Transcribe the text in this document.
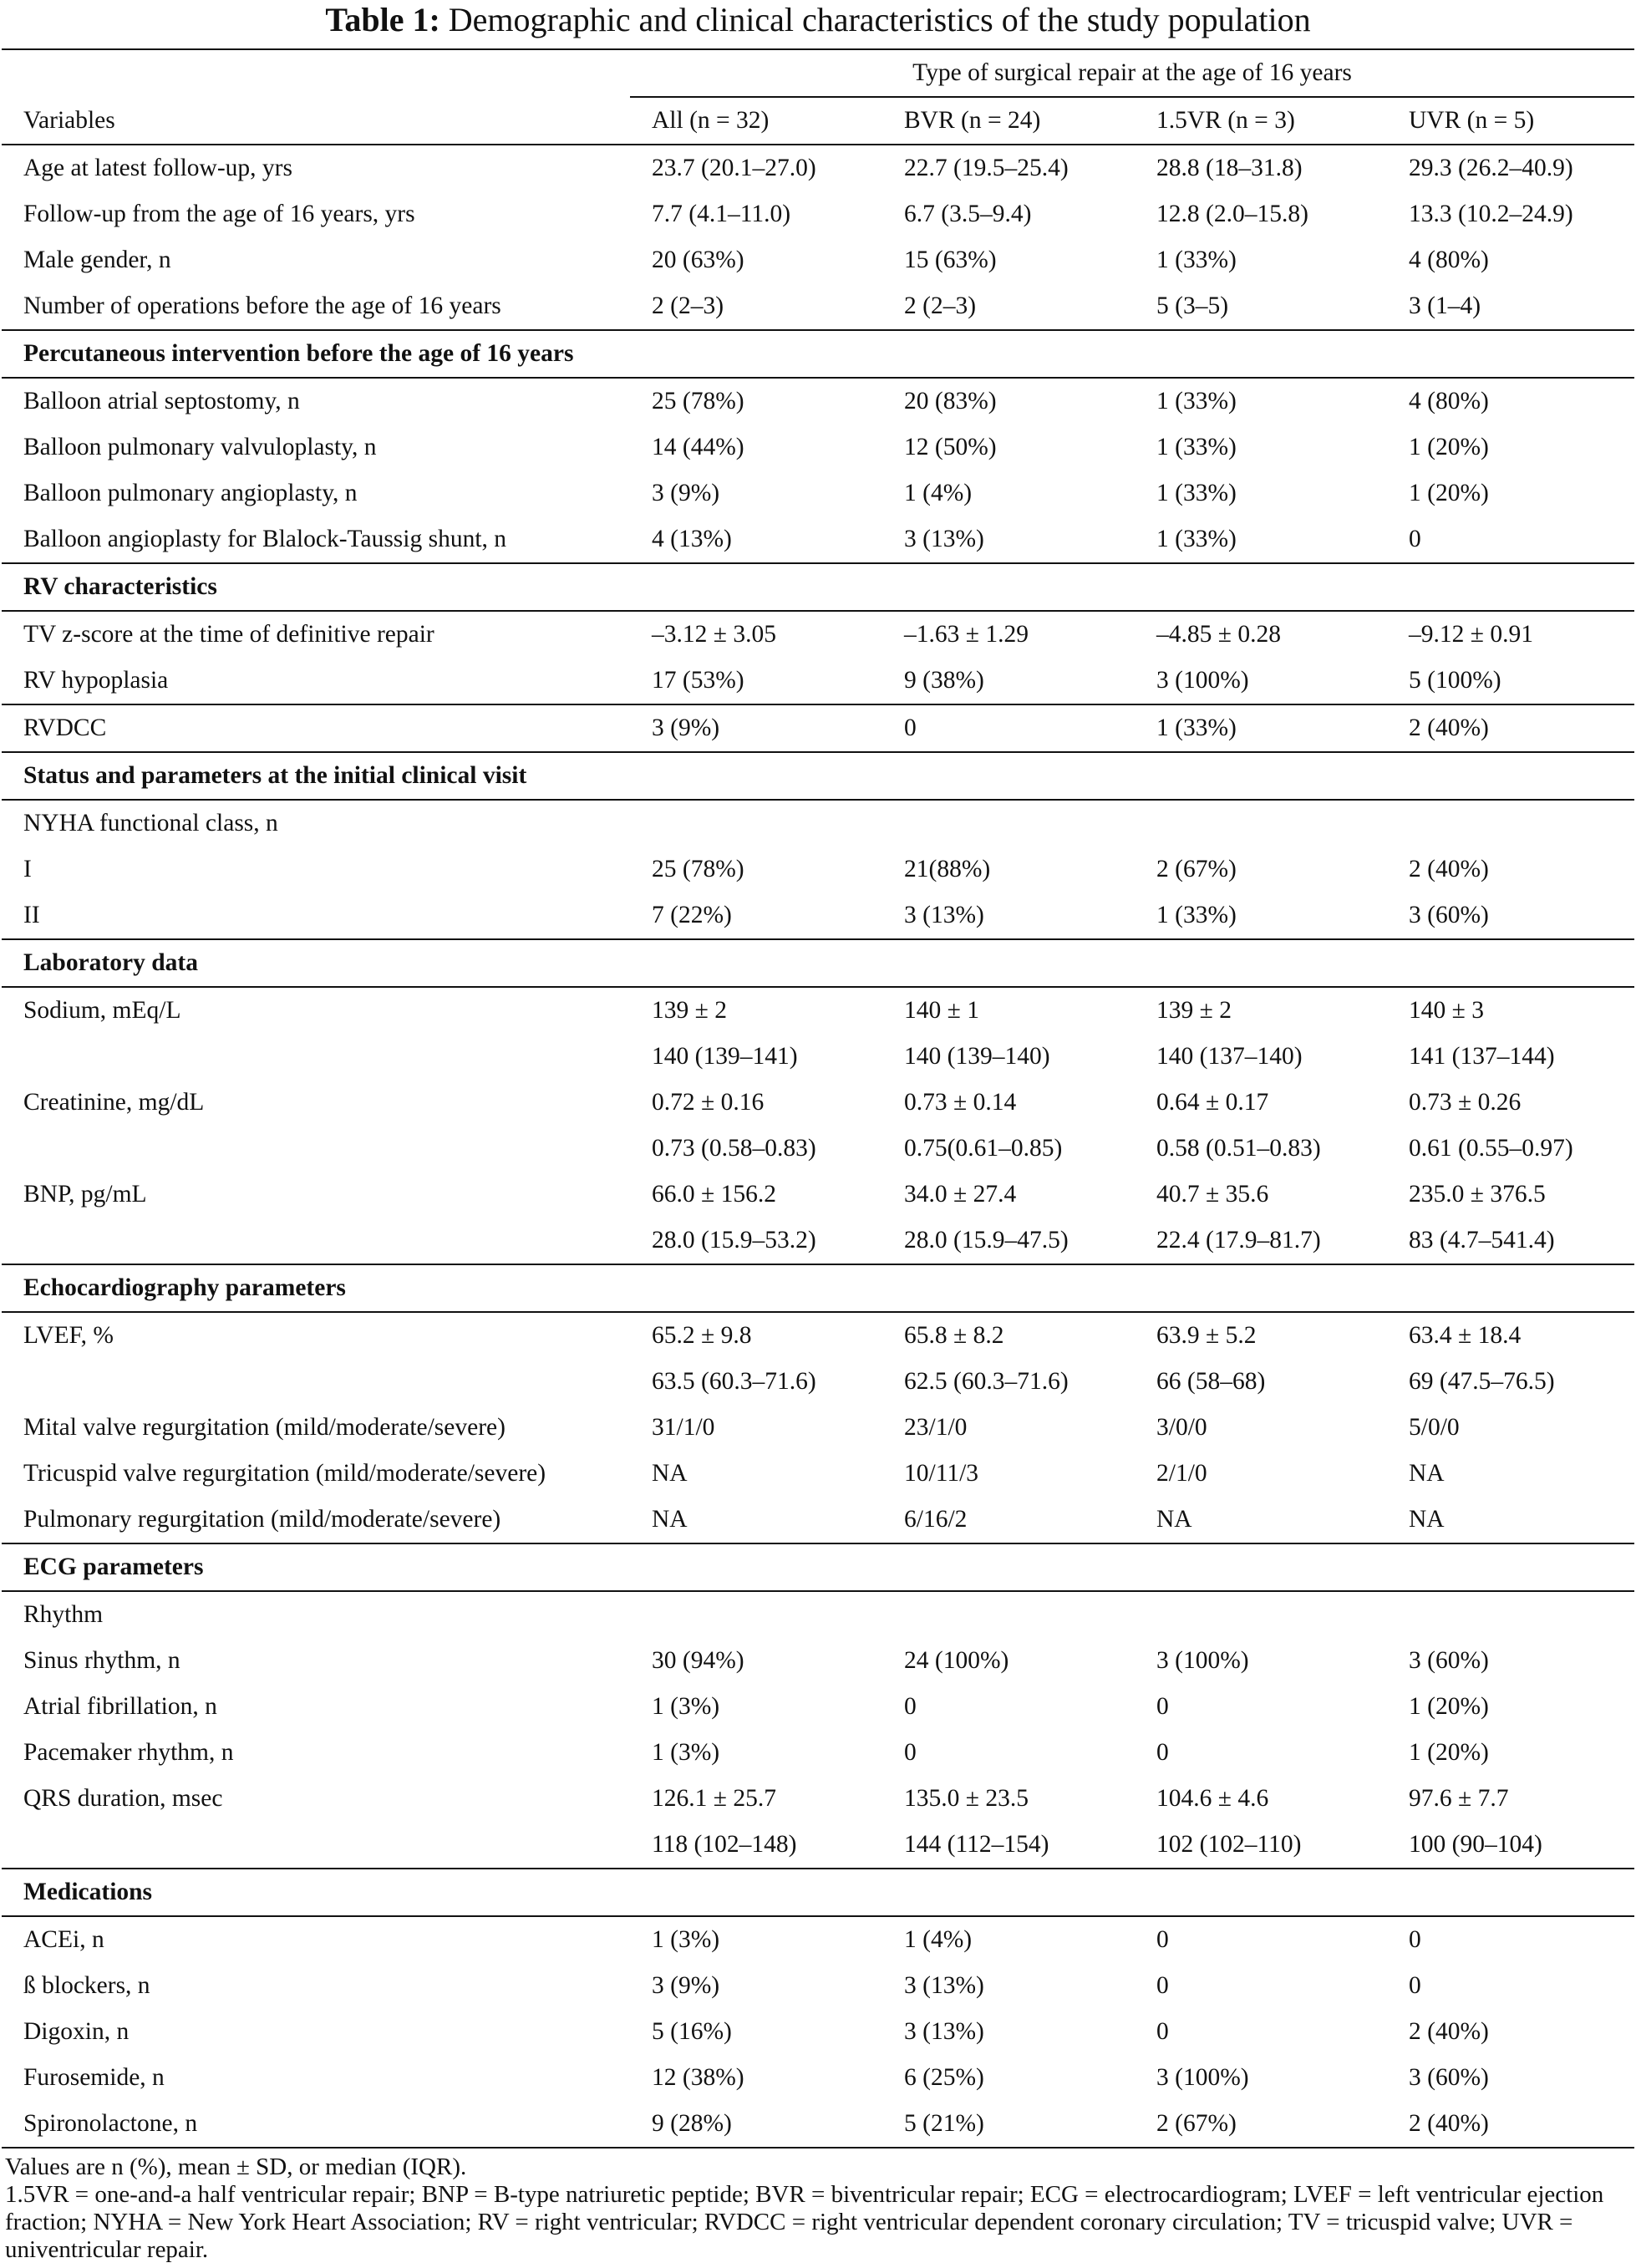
Table 1: Demographic and clinical characteristics of the study population
	Type of surgical repair at the age of 16 years			
Variables	All (n = 32)	BVR (n = 24)	1.5VR (n = 3)	UVR (n = 5)
Age at latest follow-up, yrs	23.7 (20.1–27.0)	22.7 (19.5–25.4)	28.8 (18–31.8)	29.3 (26.2–40.9)
Follow-up from the age of 16 years, yrs	7.7 (4.1–11.0)	6.7 (3.5–9.4)	12.8 (2.0–15.8)	13.3 (10.2–24.9)
Male gender, n	20 (63%)	15 (63%)	1 (33%)	4 (80%)
Number of operations before the age of 16 years	2 (2–3)	2 (2–3)	5 (3–5)	3 (1–4)
Percutaneous intervention before the age of 16 years				
Balloon atrial septostomy, n	25 (78%)	20 (83%)	1 (33%)	4 (80%)
Balloon pulmonary valvuloplasty, n	14 (44%)	12 (50%)	1 (33%)	1 (20%)
Balloon pulmonary angioplasty, n	3 (9%)	1 (4%)	1 (33%)	1 (20%)
Balloon angioplasty for Blalock-Taussig shunt, n	4 (13%)	3 (13%)	1 (33%)	0
RV characteristics				
TV z-score at the time of definitive repair	–3.12 ± 3.05	–1.63 ± 1.29	–4.85 ± 0.28	–9.12 ± 0.91
RV hypoplasia	17 (53%)	9 (38%)	3 (100%)	5 (100%)
RVDCC	3 (9%)	0	1 (33%)	2 (40%)
Status and parameters at the initial clinical visit				
NYHA functional class, n				
I	25 (78%)	21(88%)	2 (67%)	2 (40%)
II	7 (22%)	3 (13%)	1 (33%)	3 (60%)
Laboratory data				
Sodium, mEq/L	139 ± 2	140 ± 1	139 ± 2	140 ± 3
	140 (139–141)	140 (139–140)	140 (137–140)	141 (137–144)
Creatinine, mg/dL	0.72 ± 0.16	0.73 ± 0.14	0.64 ± 0.17	0.73 ± 0.26
	0.73 (0.58–0.83)	0.75(0.61–0.85)	0.58 (0.51–0.83)	0.61 (0.55–0.97)
BNP, pg/mL	66.0 ± 156.2	34.0 ± 27.4	40.7 ± 35.6	235.0 ± 376.5
	28.0 (15.9–53.2)	28.0 (15.9–47.5)	22.4 (17.9–81.7)	83 (4.7–541.4)
Echocardiography parameters				
LVEF, %	65.2 ± 9.8	65.8 ± 8.2	63.9 ± 5.2	63.4 ± 18.4
	63.5 (60.3–71.6)	62.5 (60.3–71.6)	66 (58–68)	69 (47.5–76.5)
Mital valve regurgitation (mild/moderate/severe)	31/1/0	23/1/0	3/0/0	5/0/0
Tricuspid valve regurgitation (mild/moderate/severe)	NA	10/11/3	2/1/0	NA
Pulmonary regurgitation (mild/moderate/severe)	NA	6/16/2	NA	NA
ECG parameters				
Rhythm				
Sinus rhythm, n	30 (94%)	24 (100%)	3 (100%)	3 (60%)
Atrial fibrillation, n	1 (3%)	0	0	1 (20%)
Pacemaker rhythm, n	1 (3%)	0	0	1 (20%)
QRS duration, msec	126.1 ± 25.7	135.0 ± 23.5	104.6 ± 4.6	97.6 ± 7.7
	118 (102–148)	144 (112–154)	102 (102–110)	100 (90–104)
Medications				
ACEi, n	1 (3%)	1 (4%)	0	0
ß blockers, n	3 (9%)	3 (13%)	0	0
Digoxin, n	5 (16%)	3 (13%)	0	2 (40%)
Furosemide, n	12 (38%)	6 (25%)	3 (100%)	3 (60%)
Spironolactone, n	9 (28%)	5 (21%)	2 (67%)	2 (40%)

Values are n (%), mean ± SD, or median (IQR).

1.5VR = one-and-a half ventricular repair; BNP = B-type natriuretic peptide; BVR = biventricular repair; ECG = electrocardiogram; LVEF = left ventricular ejection fraction; NYHA = New York Heart Association; RV = right ventricular; RVDCC = right ventricular dependent coronary circulation; TV = tricuspid valve; UVR = univentricular repair.
